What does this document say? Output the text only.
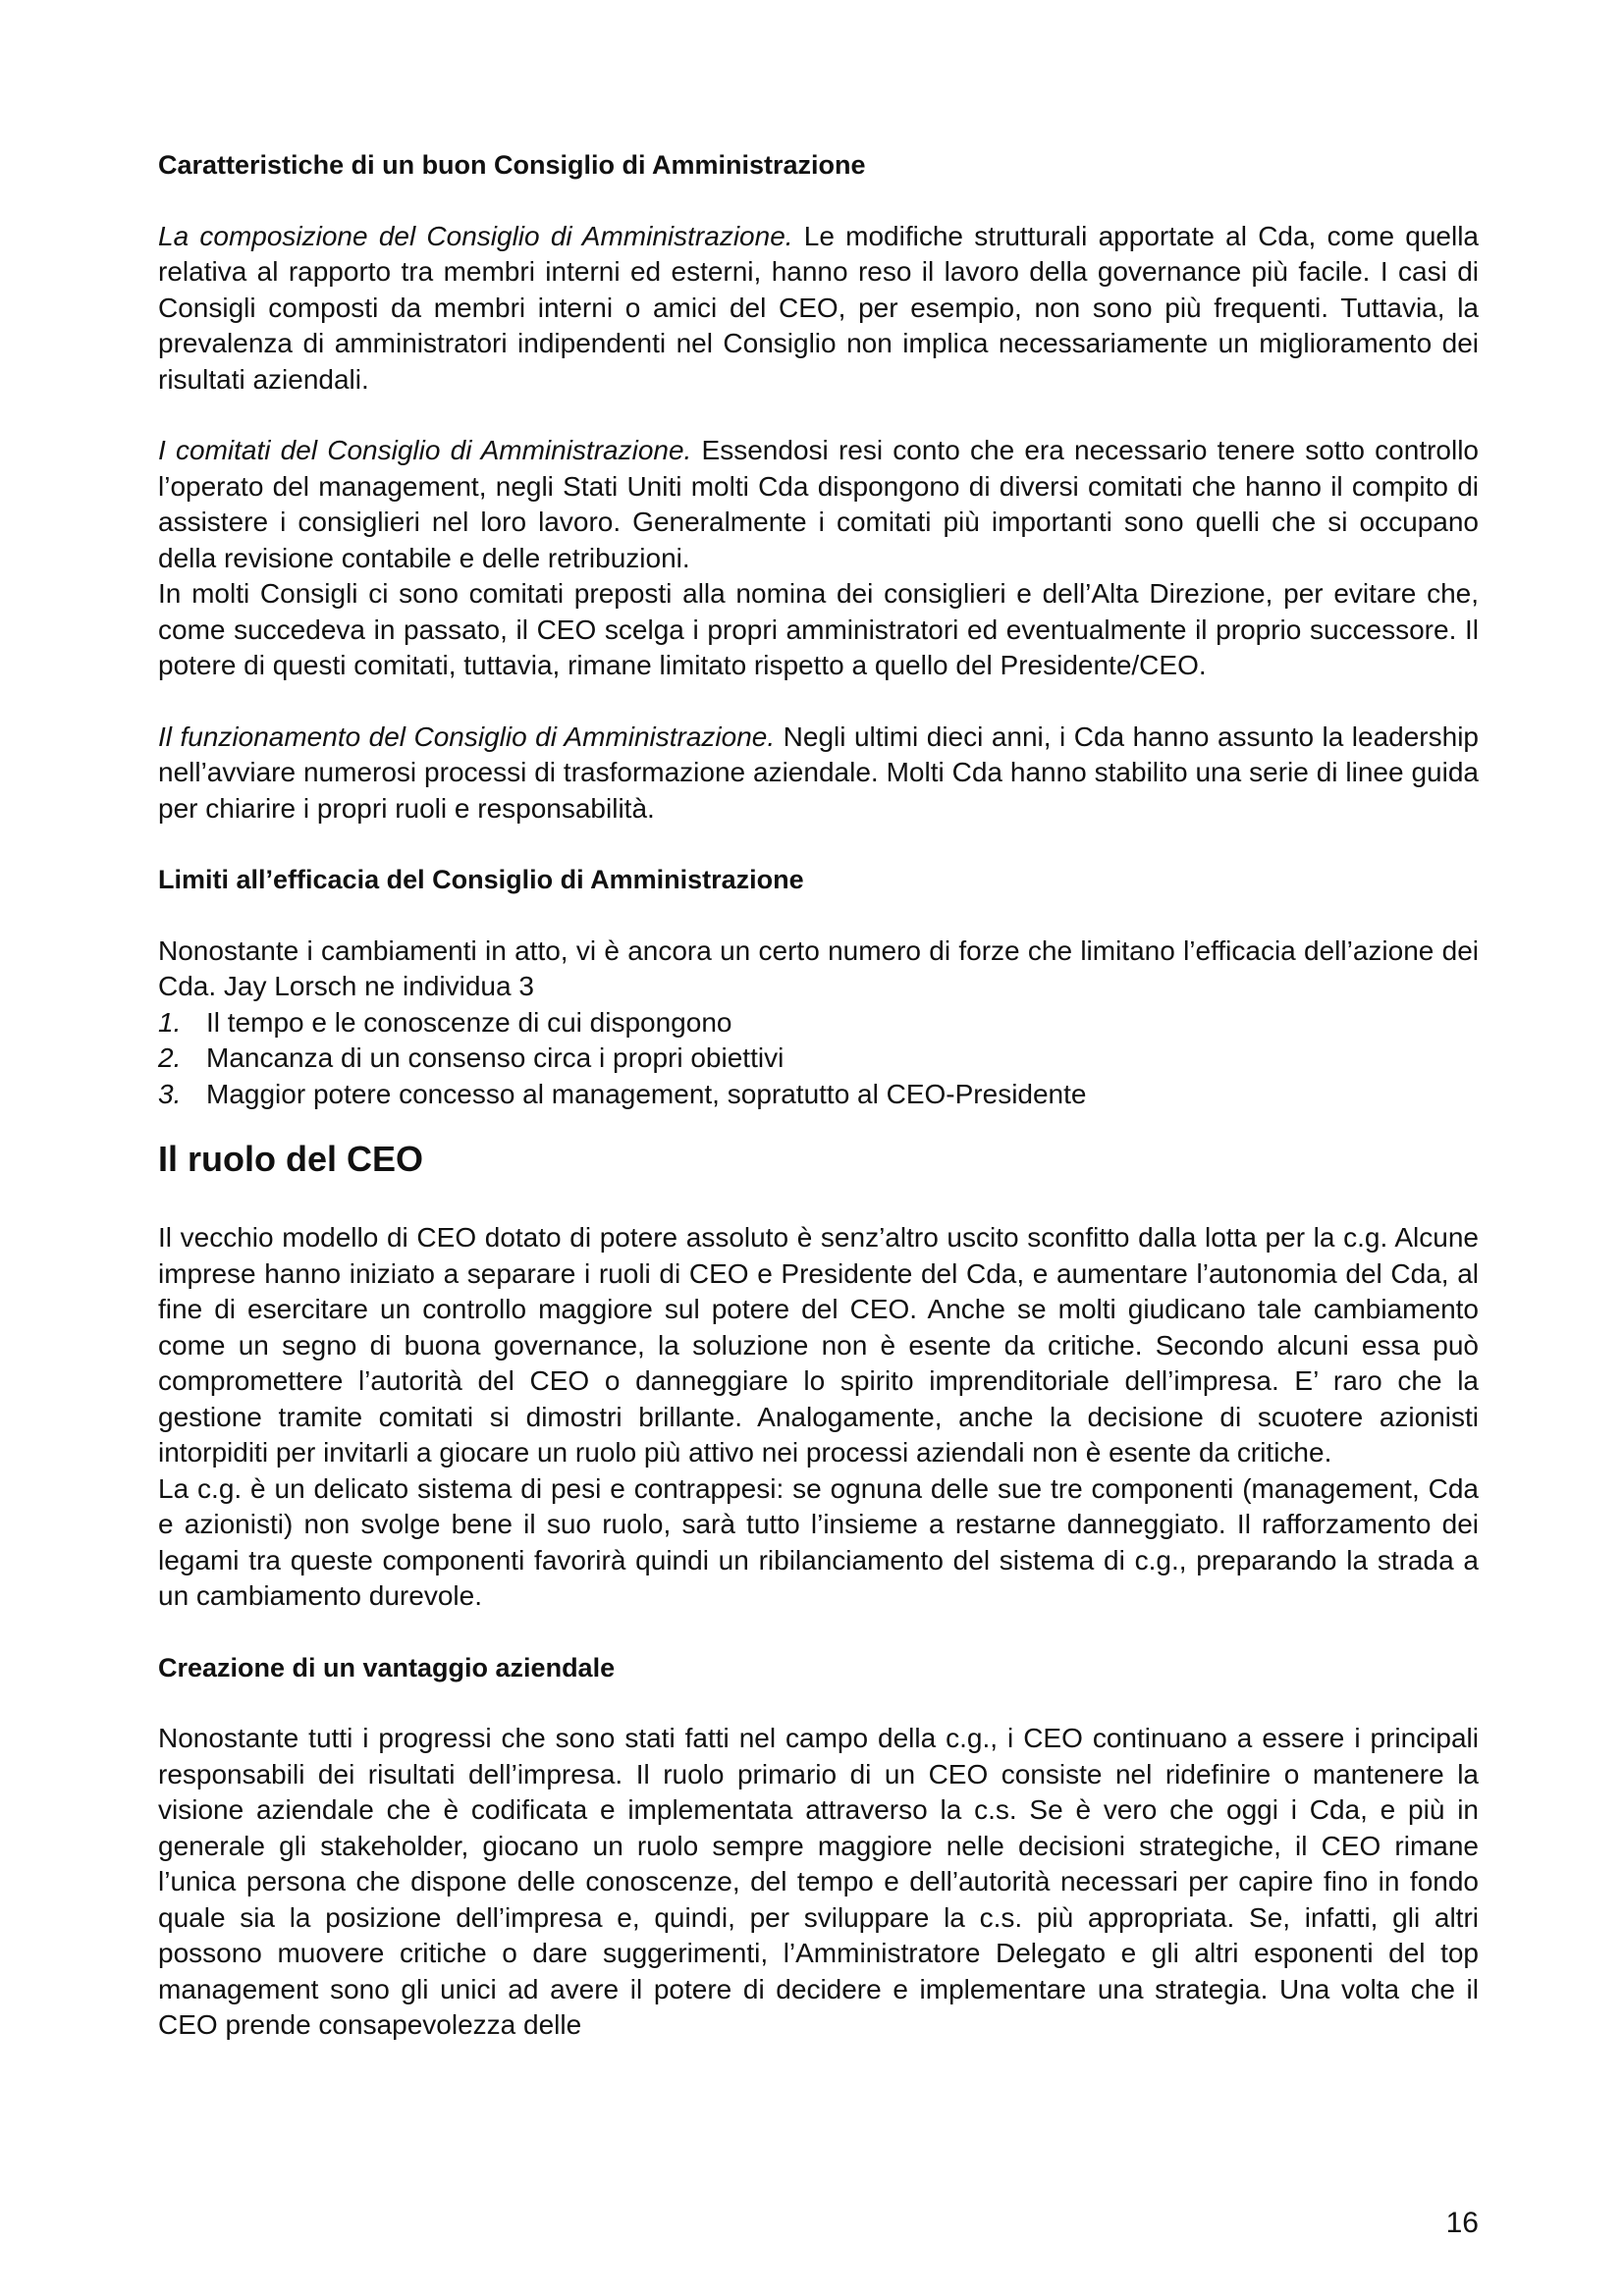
Caratteristiche di un buon Consiglio di Amministrazione

La composizione del Consiglio di Amministrazione. Le modifiche strutturali apportate al Cda, come quella relativa al rapporto tra membri interni ed esterni, hanno reso il lavoro della governance più facile. I casi di Consigli composti da membri interni o amici del CEO, per esempio, non sono più frequenti. Tuttavia, la prevalenza di amministratori indipendenti nel Consiglio non implica necessariamente un miglioramento dei risultati aziendali.

I comitati del Consiglio di Amministrazione. Essendosi resi conto che era necessario tenere sotto controllo l’operato del management, negli Stati Uniti molti Cda dispongono di diversi comitati che hanno il compito di assistere i consiglieri nel loro lavoro. Generalmente i comitati più importanti sono quelli che si occupano della revisione contabile e delle retribuzioni.

In molti Consigli ci sono comitati preposti alla nomina dei consiglieri e dell’Alta Direzione, per evitare che, come succedeva in passato, il CEO scelga i propri amministratori ed eventualmente il proprio successore. Il potere di questi comitati, tuttavia, rimane limitato rispetto a quello del Presidente/CEO.

Il funzionamento del Consiglio di Amministrazione. Negli ultimi dieci anni, i Cda hanno assunto la leadership nell’avviare numerosi processi di trasformazione aziendale. Molti Cda hanno stabilito una serie di linee guida per chiarire i propri ruoli e responsabilità.

Limiti all’efficacia del Consiglio di Amministrazione

Nonostante i cambiamenti in atto, vi è ancora un certo numero di forze che limitano l’efficacia dell’azione dei Cda. Jay Lorsch ne individua 3

1. Il tempo e le conoscenze di cui dispongono
2. Mancanza di un consenso circa i propri obiettivi
3. Maggior potere concesso al management, sopratutto al CEO-Presidente
Il ruolo del CEO

Il vecchio modello di CEO dotato di potere assoluto è senz’altro uscito sconfitto dalla lotta per la c.g. Alcune imprese hanno iniziato a separare i ruoli di CEO e Presidente del Cda, e aumentare l’autonomia del Cda, al fine di esercitare un controllo maggiore sul potere del CEO. Anche se molti giudicano tale cambiamento come un segno di buona governance, la soluzione non è esente da critiche. Secondo alcuni essa può compromettere l’autorità del CEO o danneggiare lo spirito imprenditoriale dell’impresa. E’ raro che la gestione tramite comitati si dimostri brillante. Analogamente, anche la decisione di scuotere azionisti intorpiditi per invitarli a giocare un ruolo più attivo nei processi aziendali non è esente da critiche.

La c.g. è un delicato sistema di pesi e contrappesi: se ognuna delle sue tre componenti (management, Cda e azionisti) non svolge bene il suo ruolo, sarà tutto l’insieme a restarne danneggiato. Il rafforzamento dei legami tra queste componenti favorirà quindi un ribilanciamento del sistema di c.g., preparando la strada a un cambiamento durevole.

Creazione di un vantaggio aziendale

Nonostante tutti i progressi che sono stati fatti nel campo della c.g., i CEO continuano a essere i principali responsabili dei risultati dell’impresa. Il ruolo primario di un CEO consiste nel ridefinire o mantenere la visione aziendale che è codificata e implementata attraverso la c.s. Se è vero che oggi i Cda, e più in generale gli stakeholder, giocano un ruolo sempre maggiore nelle decisioni strategiche, il CEO rimane l’unica persona che dispone delle conoscenze, del tempo e dell’autorità necessari per capire fino in fondo quale sia la posizione dell’impresa e, quindi, per sviluppare la c.s. più appropriata. Se, infatti, gli altri possono muovere critiche o dare suggerimenti, l’Amministratore Delegato e gli altri esponenti del top management sono gli unici ad avere il potere di decidere e implementare una strategia. Una volta che il CEO prende consapevolezza delle

16
